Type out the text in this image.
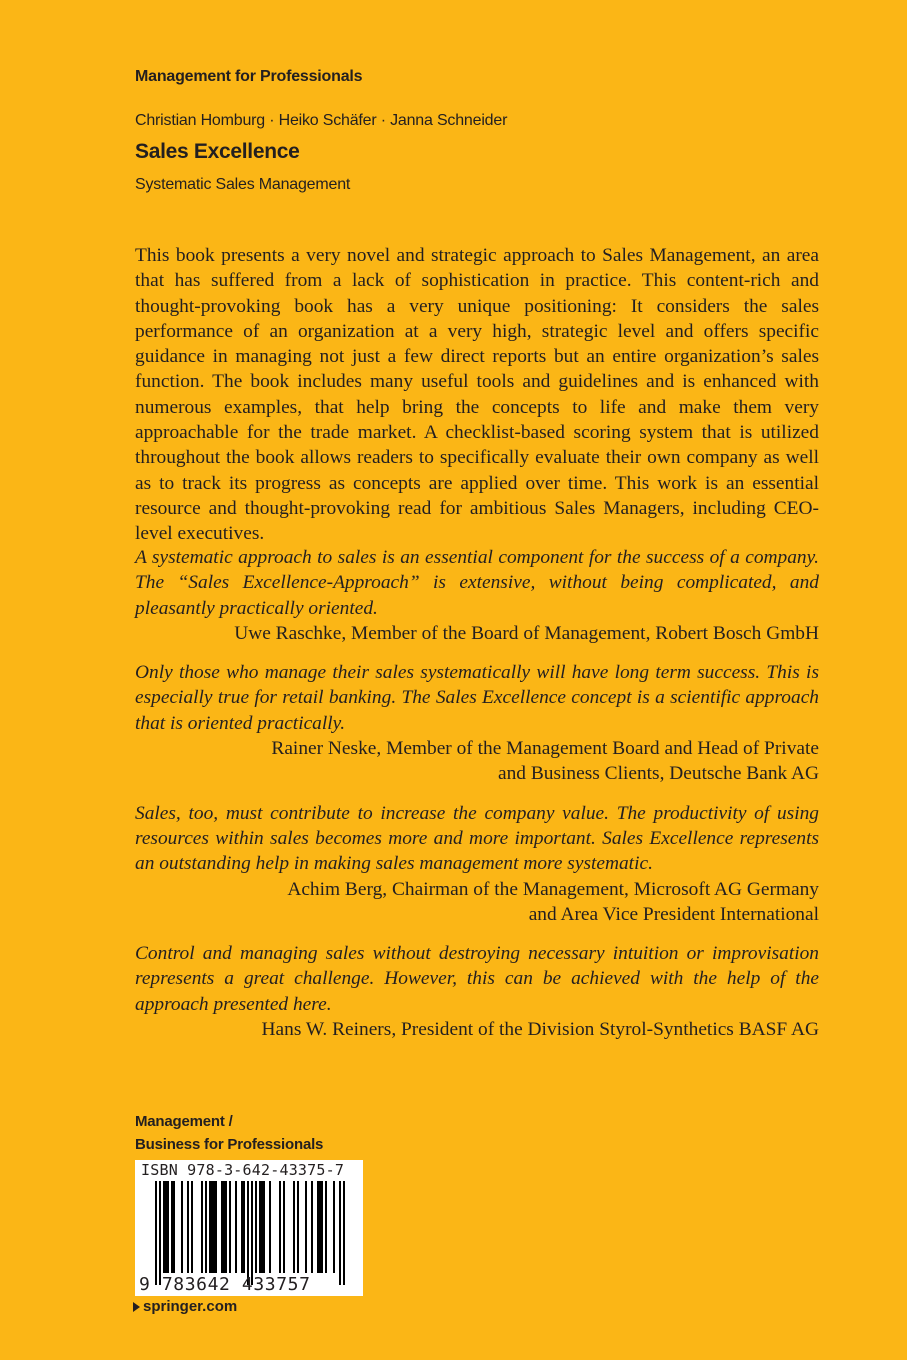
Management for Professionals
Christian Homburg · Heiko Schäfer · Janna Schneider
Sales Excellence
Systematic Sales Management

This book presents a very novel and strategic approach to Sales Management, an area that has suffered from a lack of sophistication in practice. This content-rich and thought-provoking book has a very unique positioning: It considers the sales performance of an organization at a very high, strategic level and offers specific guidance in managing not just a few direct reports but an entire organization’s sales function. The book includes many useful tools and guidelines and is enhanced with numerous examples, that help bring the concepts to life and make them very approachable for the trade market. A checklist-based scoring system that is utilized throughout the book allows readers to specifically evaluate their own company as well as to track its progress as concepts are applied over time. This work is an essential resource and thought-provoking read for ambitious Sales Managers, including CEO-level executives.

A systematic approach to sales is an essential component for the success of a company. The “Sales Excellence-Approach” is extensive, without being complicated, and pleasantly practically oriented.

Uwe Raschke, Member of the Board of Management, Robert Bosch GmbH

Only those who manage their sales systematically will have long term success. This is especially true for retail banking. The Sales Excellence concept is a scientific approach that is oriented practically.

Rainer Neske, Member of the Management Board and Head of Private
and Business Clients, Deutsche Bank AG

Sales, too, must contribute to increase the company value. The productivity of using resources within sales becomes more and more important. Sales Excellence represents an outstanding help in making sales management more systematic.

Achim Berg, Chairman of the Management, Microsoft AG Germany
and Area Vice President International

Control and managing sales without destroying necessary intuition or improvisation represents a great challenge. However, this can be achieved with the help of the approach presented here.

Hans W. Reiners, President of the Division Styrol-Synthetics BASF AG

Management /
Business for Professionals
ISBN 978-3-642-43375-7
9 783642 433757
springer.com
